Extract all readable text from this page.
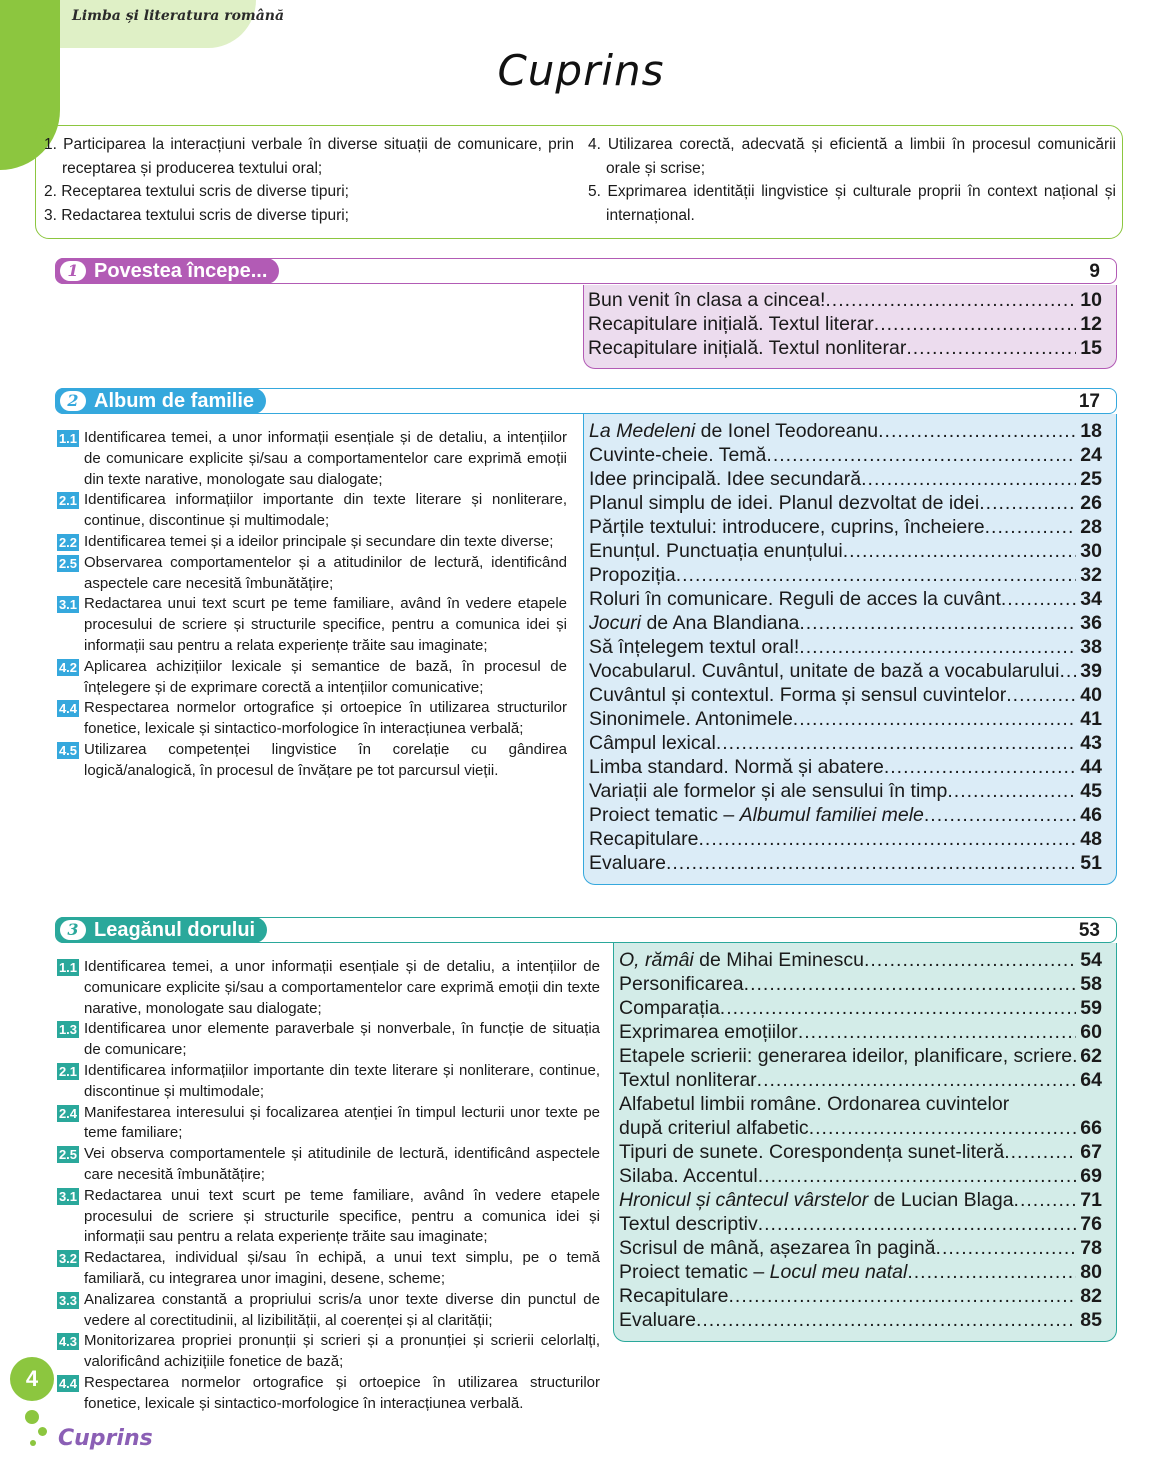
Limba și literatura română
Cuprins
1. Participarea la interacțiuni verbale în diverse situații de comunicare, prin receptarea și producerea textului oral;
2. Receptarea textului scris de diverse tipuri;
3. Redactarea textului scris de diverse tipuri;
4. Utilizarea corectă, adecvată și eficientă a limbii în procesul comunicării orale și scrise;
5. Exprimarea identității lingvistice și culturale proprii în context național și internațional.
1 Povestea începe...	9
Bun venit în clasa a cincea! .....	10
Recapitulare inițială. Textul literar .....	12
Recapitulare inițială. Textul nonliterar .....	15
2 Album de familie	17
1.1 Identificarea temei, a unor informații esențiale și de detaliu, a intențiilor de comunicare explicite și/sau a comportamentelor care exprimă emoții din texte narative, monologate sau dialogate;
2.1 Identificarea informațiilor importante din texte literare și nonliterare, continue, discontinue și multimodale;
2.2 Identificarea temei și a ideilor principale și secundare din texte diverse;
2.5 Observarea comportamentelor și a atitudinilor de lectură, identificând aspectele care necesită îmbunătățire;
3.1 Redactarea unui text scurt pe teme familiare, având în vedere etapele procesului de scriere și structurile specifice, pentru a comunica idei și informații sau pentru a relata experiențe trăite sau imaginate;
4.2 Aplicarea achizițiilor lexicale și semantice de bază, în procesul de înțelegere și de exprimare corectă a intențiilor comunicative;
4.4 Respectarea normelor ortografice și ortoepice în utilizarea structurilor fonetice, lexicale și sintactico-morfologice în interacțiunea verbală;
4.5 Utilizarea competenței lingvistice în corelație cu gândirea logică/analogică, în procesul de învățare pe tot parcursul vieții.
La Medeleni de Ionel Teodoreanu .....	18
Cuvinte-cheie. Temă .....	24
Idee principală. Idee secundară .....	25
Planul simplu de idei. Planul dezvoltat de idei .....	26
Părțile textului: introducere, cuprins, încheiere .....	28
Enunțul. Punctuația enunțului .....	30
Propoziția .....	32
Roluri în comunicare. Reguli de acces la cuvânt .....	34
Jocuri de Ana Blandiana .....	36
Să înțelegem textul oral! .....	38
Vocabularul. Cuvântul, unitate de bază a vocabularului ..... 39
Cuvântul și contextul. Forma și sensul cuvintelor .....	40
Sinonimele. Antonimele .....	41
Câmpul lexical .....	43
Limba standard. Normă și abatere .....	44
Variații ale formelor și ale sensului în timp .....	45
Proiect tematic – Albumul familiei mele .....	46
Recapitulare .....	48
Evaluare .....	51
3 Leagănul dorului	53
1.1 Identificarea temei, a unor informații esențiale și de detaliu, a intențiilor de comunicare explicite și/sau a comportamentelor care exprimă emoții din texte narative, monologate sau dialogate;
1.3 Identificarea unor elemente paraverbale și nonverbale, în funcție de situația de comunicare;
2.1 Identificarea informațiilor importante din texte literare și nonliterare, continue, discontinue și multimodale;
2.4 Manifestarea interesului și focalizarea atenției în timpul lecturii unor texte pe teme familiare;
2.5 Vei observa comportamentele și atitudinile de lectură, identificând aspectele care necesită îmbunătățire;
3.1 Redactarea unui text scurt pe teme familiare, având în vedere etapele procesului de scriere și structurile specifice, pentru a comunica idei și informații sau pentru a relata experiențe trăite sau imaginate;
3.2 Redactarea, individual și/sau în echipă, a unui text simplu, pe o temă familiară, cu integrarea unor imagini, desene, scheme;
3.3 Analizarea constantă a propriului scris/a unor texte diverse din punctul de vedere al corectitudinii, al lizibilității, al coerenței și al clarității;
4.3 Monitorizarea propriei pronunții și scrieri și a pronunției și scrierii celorlalți, valorificând achizițiile fonetice de bază;
4.4 Respectarea normelor ortografice și ortoepice în utilizarea structurilor fonetice, lexicale și sintactico-morfologice în interacțiunea verbală.
O, rămâi de Mihai Eminescu .....	54
Personificarea .....	58
Comparația .....	59
Exprimarea emoțiilor .....	60
Etapele scrierii: generarea ideilor, planificare, scriere ..... 62
Textul nonliterar .....	64
Alfabetul limbii române. Ordonarea cuvintelor
după criteriul alfabetic .....	66
Tipuri de sunete. Corespondența sunet-literă .....	67
Silaba. Accentul .....	69
Hronicul și cântecul vârstelor de Lucian Blaga .....	71
Textul descriptiv .....	76
Scrisul de mână, așezarea în pagină .....	78
Proiect tematic – Locul meu natal .....	80
Recapitulare .....	82
Evaluare .....	85
4
Cuprins
